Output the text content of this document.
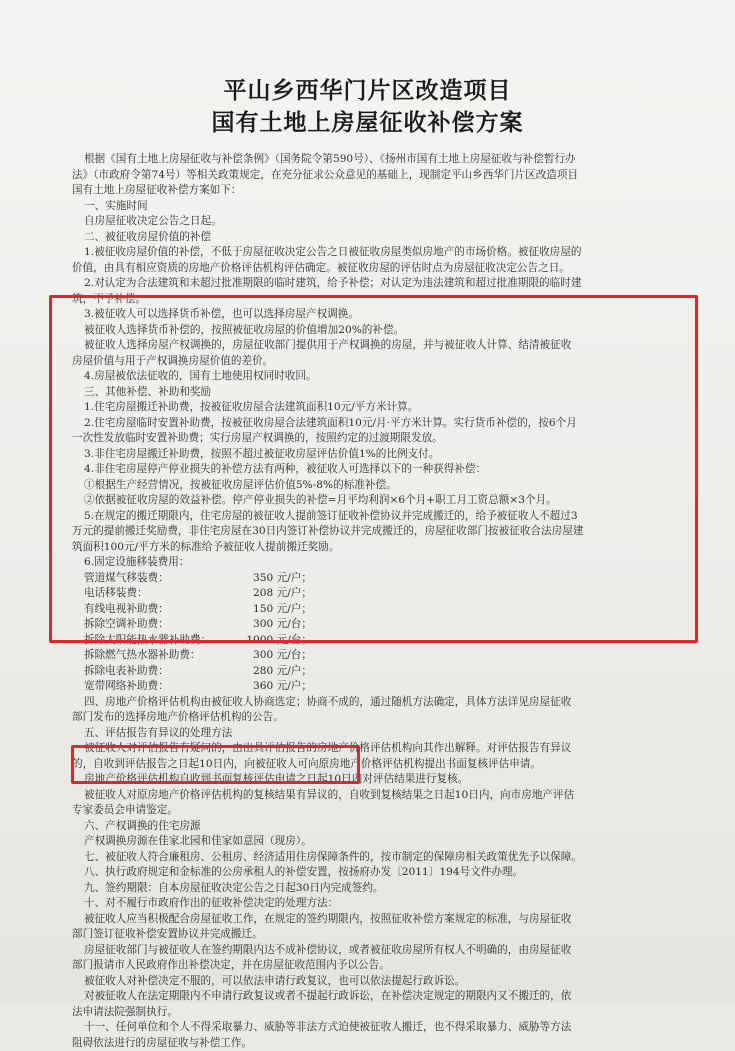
平山乡西华门片区改造项目
国有土地上房屋征收补偿方案
根据《国有土地上房屋征收与补偿条例》（国务院令第590号）、《扬州市国有土地上房屋征收与补偿暂行办
法》（市政府令第74号）等相关政策规定，在充分征求公众意见的基础上，现制定平山乡西华门片区改造项目
国有土地上房屋征收补偿方案如下：
一、实施时间
自房屋征收决定公告之日起。
二、被征收房屋价值的补偿
1.被征收房屋价值的补偿，不低于房屋征收决定公告之日被征收房屋类似房地产的市场价格。被征收房屋的
价值，由具有相应资质的房地产价格评估机构评估确定。被征收房屋的评估时点为房屋征收决定公告之日。
2.对认定为合法建筑和未超过批准期限的临时建筑，给予补偿；对认定为违法建筑和超过批准期限的临时建
筑，不予补偿。
3.被征收人可以选择货币补偿，也可以选择房屋产权调换。
被征收人选择货币补偿的，按照被征收房屋的价值增加20%的补偿。
被征收人选择房屋产权调换的，房屋征收部门提供用于产权调换的房屋，并与被征收人计算、结清被征收
房屋价值与用于产权调换房屋价值的差价。
4.房屋被依法征收的，国有土地使用权同时收回。
三、其他补偿、补助和奖励
1.住宅房屋搬迁补助费，按被征收房屋合法建筑面积10元/平方米计算。
2.住宅房屋临时安置补助费，按被征收房屋合法建筑面积10元/月·平方米计算。实行货币补偿的，按6个月
一次性发放临时安置补助费；实行房屋产权调换的，按照约定的过渡期限发放。
3.非住宅房屋搬迁补助费，按照不超过被征收房屋评估价值1%的比例支付。
4.非住宅房屋停产停业损失的补偿方法有两种，被征收人可选择以下的一种获得补偿：
①根据生产经营情况，按被征收房屋评估价值5%-8%的标准补偿。
②依据被征收房屋的效益补偿。停产停业损失的补偿=月平均利润×6个月+职工月工资总额×3个月。
5.在规定的搬迁期限内，住宅房屋的被征收人提前签订征收补偿协议并完成搬迁的，给予被征收人不超过3
万元的提前搬迁奖励费，非住宅房屋在30日内签订补偿协议并完成搬迁的，房屋征收部门按被征收合法房屋建
筑面积100元/平方米的标准给予被征收人提前搬迁奖励。
6.固定设施移装费用：
管道煤气移装费：	350 元/户；
电话移装费：	208 元/户；
有线电视补助费：	150 元/户；
拆除空调补助费：	300 元/台；
拆除太阳能热水器补助费：	1000 元/台；
拆除燃气热水器补助费：	300 元/台；
拆除电表补助费：	280 元/户；
宽带网络补助费：	360 元/户；
四、房地产价格评估机构由被征收人协商选定；协商不成的，通过随机方法确定，具体方法详见房屋征收
部门发布的选择房地产价格评估机构的公告。
五、评估报告有异议的处理方法
被征收人对评估报告有疑问的，由出具评估报告的房地产价格评估机构向其作出解释。对评估报告有异议
的，自收到评估报告之日起10日内，向被征收人可向原房地产价格评估机构提出书面复核评估申请。
房地产价格评估机构自收到书面复核评估申请之日起10日内对评估结果进行复核。
被征收人对原房地产价格评估机构的复核结果有异议的，自收到复核结果之日起10日内，向市房地产评估
专家委员会申请鉴定。
六、产权调换的住宅房源
产权调换房源在佳家北园和佳家如意园（现房）。
七、被征收人符合廉租房、公租房、经济适用住房保障条件的，按市制定的保障房相关政策优先予以保障。
八、执行政府规定和金标准的公房承租人的补偿安置，按扬府办发〔2011〕194号文件办理。
九、签约期限：自本房屋征收决定公告之日起30日内完成签约。
十、对不履行市政府作出的征收补偿决定的处理方法：
被征收人应当积极配合房屋征收工作，在规定的签约期限内，按照征收补偿方案规定的标准，与房屋征收
部门签订征收补偿安置协议并完成搬迁。
房屋征收部门与被征收人在签约期限内达不成补偿协议，或者被征收房屋所有权人不明确的，由房屋征收
部门报请市人民政府作出补偿决定，并在房屋征收范围内予以公告。
被征收人对补偿决定不服的，可以依法申请行政复议，也可以依法提起行政诉讼。
对被征收人在法定期限内不申请行政复议或者不提起行政诉讼，在补偿决定规定的期限内又不搬迁的，依
法申请法院强制执行。
十一、任何单位和个人不得采取暴力、威胁等非法方式迫使被征收人搬迁，也不得采取暴力、威胁等方法
阻碍依法进行的房屋征收与补偿工作。
